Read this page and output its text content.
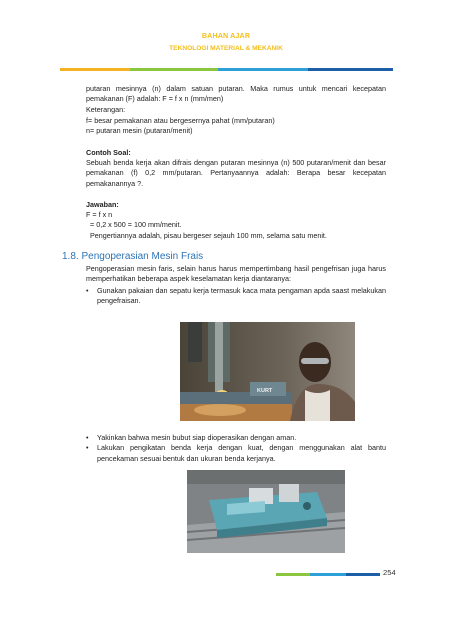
BAHAN AJAR
TEKNOLOGI MATERIAL & MEKANIK
putaran mesinnya (n) dalam satuan putaran. Maka rumus untuk mencari kecepatan pemakanan (F) adalah: F = f x n (mm/men)
Keterangan:
f= besar pemakanan atau bergesernya pahat (mm/putaran)
n= putaran mesin (putaran/menit)
Contoh Soal:
Sebuah benda kerja akan difrais dengan putaran mesinnya (n) 500 putaran/menit dan besar pemakanan (f) 0,2 mm/putaran. Pertanyaannya adalah: Berapa besar kecepatan pemakanannya ?.
Jawaban:
F = f x n
= 0,2 x 500 = 100 mm/menit.
Pengertiannya adalah, pisau bergeser sejauh 100 mm, selama satu menit.
1.8. Pengoperasian Mesin Frais
Pengoperasian mesin faris, selain harus harus mempertimbang hasil pengefrisan juga harus memperhatikan beberapa aspek keselamatan kerja diantaranya:
• Gunakan pakaian dan sepatu kerja termasuk kaca mata pengaman apda saast melakukan pengefraisan.
KURT
• Yakinkan bahwa mesin bubut siap dioperasikan dengan aman.
• Lakukan pengikatan benda kerja dengan kuat, dengan menggunakan alat bantu pencekaman sesuai bentuk dan ukuran benda kerjanya.
254
